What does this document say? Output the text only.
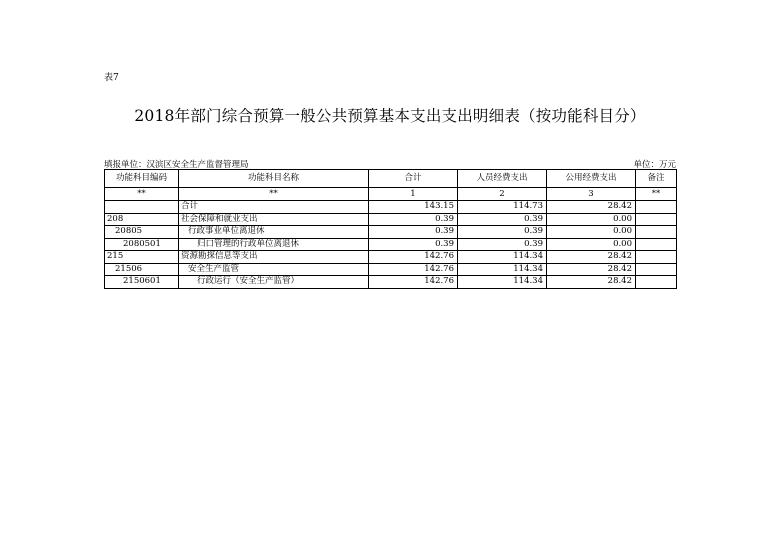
表7
2018年部门综合预算一般公共预算基本支出支出明细表（按功能科目分）
填报单位：汉滨区安全生产监督管理局	单位：万元
功能科目编码	功能科目名称	合计	人员经费支出	公用经费支出	备注
**	**	1	2	3	**
	合计	143.15	114.73	28.42	
208	社会保障和就业支出	0.39	0.39	0.00	
20805	行政事业单位离退休	0.39	0.39	0.00	
2080501	归口管理的行政单位离退休	0.39	0.39	0.00	
215	资源勘探信息等支出	142.76	114.34	28.42	
21506	安全生产监管	142.76	114.34	28.42	
2150601	行政运行（安全生产监管）	142.76	114.34	28.42	
